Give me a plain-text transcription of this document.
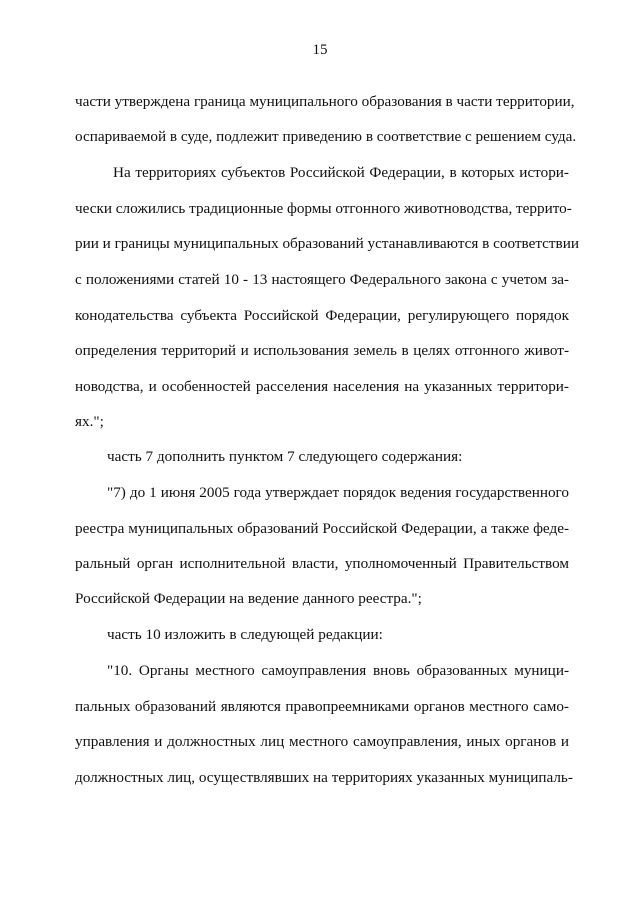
15
части утверждена граница муниципального образования в части территории,
оспариваемой в суде, подлежит приведению в соответствие с решением суда.
На территориях субъектов Российской Федерации, в которых истори-
чески сложились традиционные формы отгонного животноводства, террито-
рии и границы муниципальных образований устанавливаются в соответствии
с положениями статей 10 - 13 настоящего Федерального закона с учетом за-
конодательства субъекта Российской Федерации, регулирующего порядок
определения территорий и использования земель в целях отгонного живот-
новодства, и особенностей расселения населения на указанных территори-
ях.";
часть 7 дополнить пунктом 7 следующего содержания:
"7) до 1 июня 2005 года утверждает порядок ведения государственного
реестра муниципальных образований Российской Федерации, а также феде-
ральный орган исполнительной власти, уполномоченный Правительством
Российской Федерации на ведение данного реестра.";
часть 10 изложить в следующей редакции:
"10. Органы местного самоуправления вновь образованных муници-
пальных образований являются правопреемниками органов местного само-
управления и должностных лиц местного самоуправления, иных органов и
должностных лиц, осуществлявших на территориях указанных муниципаль-
